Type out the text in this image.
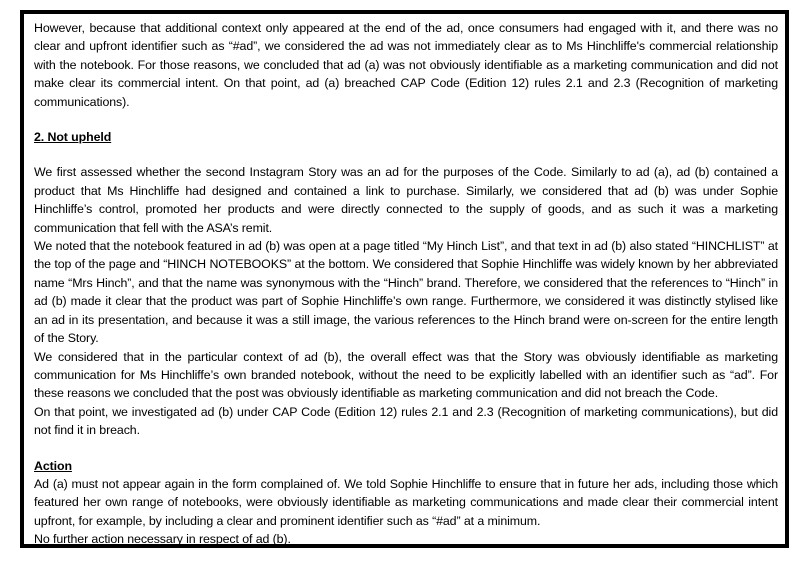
However, because that additional context only appeared at the end of the ad, once consumers had engaged with it, and there was no clear and upfront identifier such as “#ad”, we considered the ad was not immediately clear as to Ms Hinchliffe's commercial relationship with the notebook. For those reasons, we concluded that ad (a) was not obviously identifiable as a marketing communication and did not make clear its commercial intent. On that point, ad (a) breached CAP Code (Edition 12) rules 2.1 and 2.3 (Recognition of marketing communications).

2. Not upheld

We first assessed whether the second Instagram Story was an ad for the purposes of the Code. Similarly to ad (a), ad (b) contained a product that Ms Hinchliffe had designed and contained a link to purchase. Similarly, we considered that ad (b) was under Sophie Hinchliffe’s control, promoted her products and were directly connected to the supply of goods, and as such it was a marketing communication that fell with the ASA’s remit.

We noted that the notebook featured in ad (b) was open at a page titled “My Hinch List”, and that text in ad (b) also stated “HINCHLIST” at the top of the page and “HINCH NOTEBOOKS” at the bottom. We considered that Sophie Hinchliffe was widely known by her abbreviated name “Mrs Hinch”, and that the name was synonymous with the “Hinch” brand. Therefore, we considered that the references to “Hinch” in ad (b) made it clear that the product was part of Sophie Hinchliffe’s own range. Furthermore, we considered it was distinctly stylised like an ad in its presentation, and because it was a still image, the various references to the Hinch brand were on-screen for the entire length of the Story.

We considered that in the particular context of ad (b), the overall effect was that the Story was obviously identifiable as marketing communication for Ms Hinchliffe’s own branded notebook, without the need to be explicitly labelled with an identifier such as “ad”. For these reasons we concluded that the post was obviously identifiable as marketing communication and did not breach the Code.

On that point, we investigated ad (b) under CAP Code (Edition 12) rules 2.1 and 2.3 (Recognition of marketing communications), but did not find it in breach.

Action

Ad (a) must not appear again in the form complained of. We told Sophie Hinchliffe to ensure that in future her ads, including those which featured her own range of notebooks, were obviously identifiable as marketing communications and made clear their commercial intent upfront, for example, by including a clear and prominent identifier such as “#ad” at a minimum.

No further action necessary in respect of ad (b).
